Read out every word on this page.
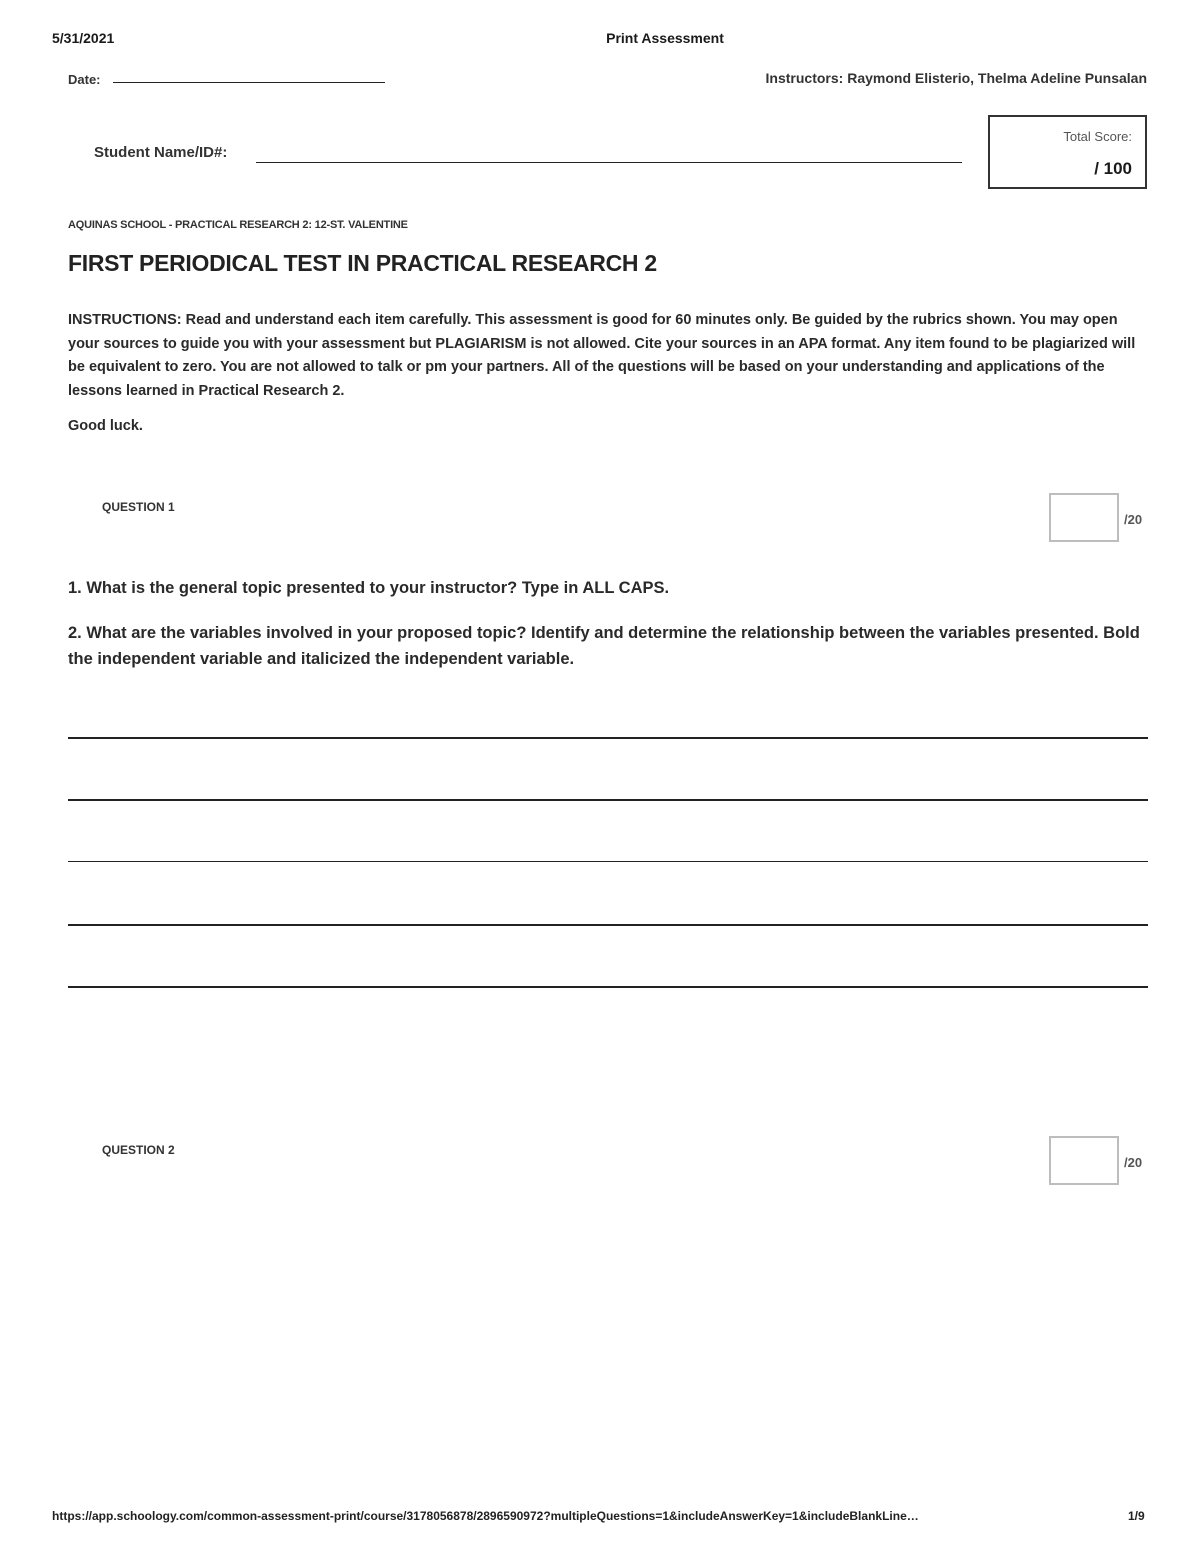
5/31/2021	Print Assessment
Date:	Instructors: Raymond Elisterio, Thelma Adeline Punsalan
Student Name/ID#:
Total Score:
/ 100
AQUINAS SCHOOL - PRACTICAL RESEARCH 2: 12-ST. VALENTINE
FIRST PERIODICAL TEST IN PRACTICAL RESEARCH 2
INSTRUCTIONS: Read and understand each item carefully. This assessment is good for 60 minutes only. Be guided by the rubrics shown. You may open your sources to guide you with your assessment but PLAGIARISM is not allowed. Cite your sources in an APA format. Any item found to be plagiarized will be equivalent to zero. You are not allowed to talk or pm your partners. All of the questions will be based on your understanding and applications of the lessons learned in Practical Research 2.
Good luck.
QUESTION 1
/20
1. What is the general topic presented to your instructor? Type in ALL CAPS.
2. What are the variables involved in your proposed topic? Identify and determine the relationship between the variables presented. Bold the independent variable and italicized the independent variable.
QUESTION 2
/20
https://app.schoology.com/common-assessment-print/course/3178056878/2896590972?multipleQuestions=1&includeAnswerKey=1&includeBlankLine…	1/9
